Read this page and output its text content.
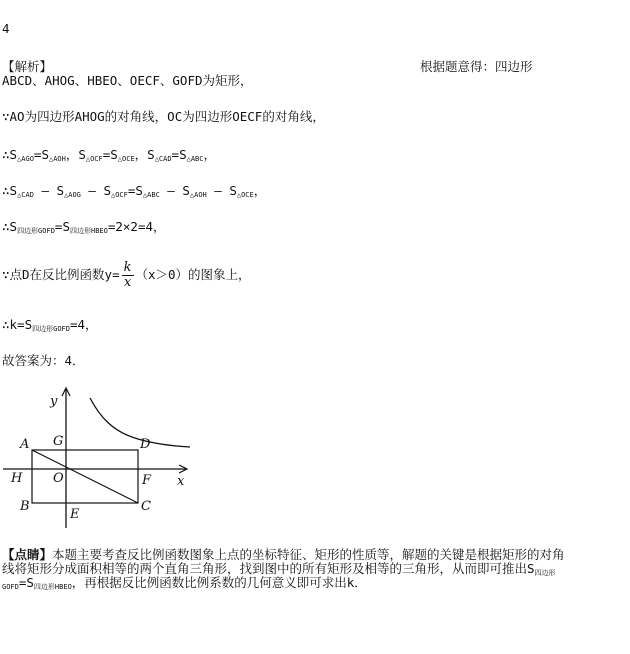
4
【解析】	根据题意得：四边形
ABCD、AHOG、HBEO、OECF、GOFD为矩形，
∵AO为四边形AHOG的对角线，OC为四边形OECF的对角线，
$\therefore S_{\triangle AGO}=S_{\triangle AOH}$，$S_{\triangle OCF}=S_{\triangle OCE}$，$S_{\triangle CAD}=S_{\triangle ABC}$，
$\therefore S_{\triangle CAD} - S_{\triangle AOG} - S_{\triangle OCF}=S_{\triangle ABC} - S_{\triangle AOH} - S_{\triangle OCE}$，
$\therefore S_{四边形GOFD}=S_{四边形HBEO}=2\times 2=4$，
∵点D在反比例函数$y= \frac{k}{x} (x>0)$的图象上，
$\therefore k=S_{四边形GOFD}=4$，
故答案为：4．
y
x
A G	D
H O	F
B
E
C
【点睛】本题主要考查反比例函数图象上点的坐标特征、矩形的性质等，解题的关键是根据矩形的对角
线将矩形分成面积相等的两个直角三角形，找到图中的所有矩形及相等的三角形，从而即可推出$S_{四边形}$
$_{GOFD}=S_{四边形HBEO}$，再根据反比例函数比例系数的几何意义即可求出k．
